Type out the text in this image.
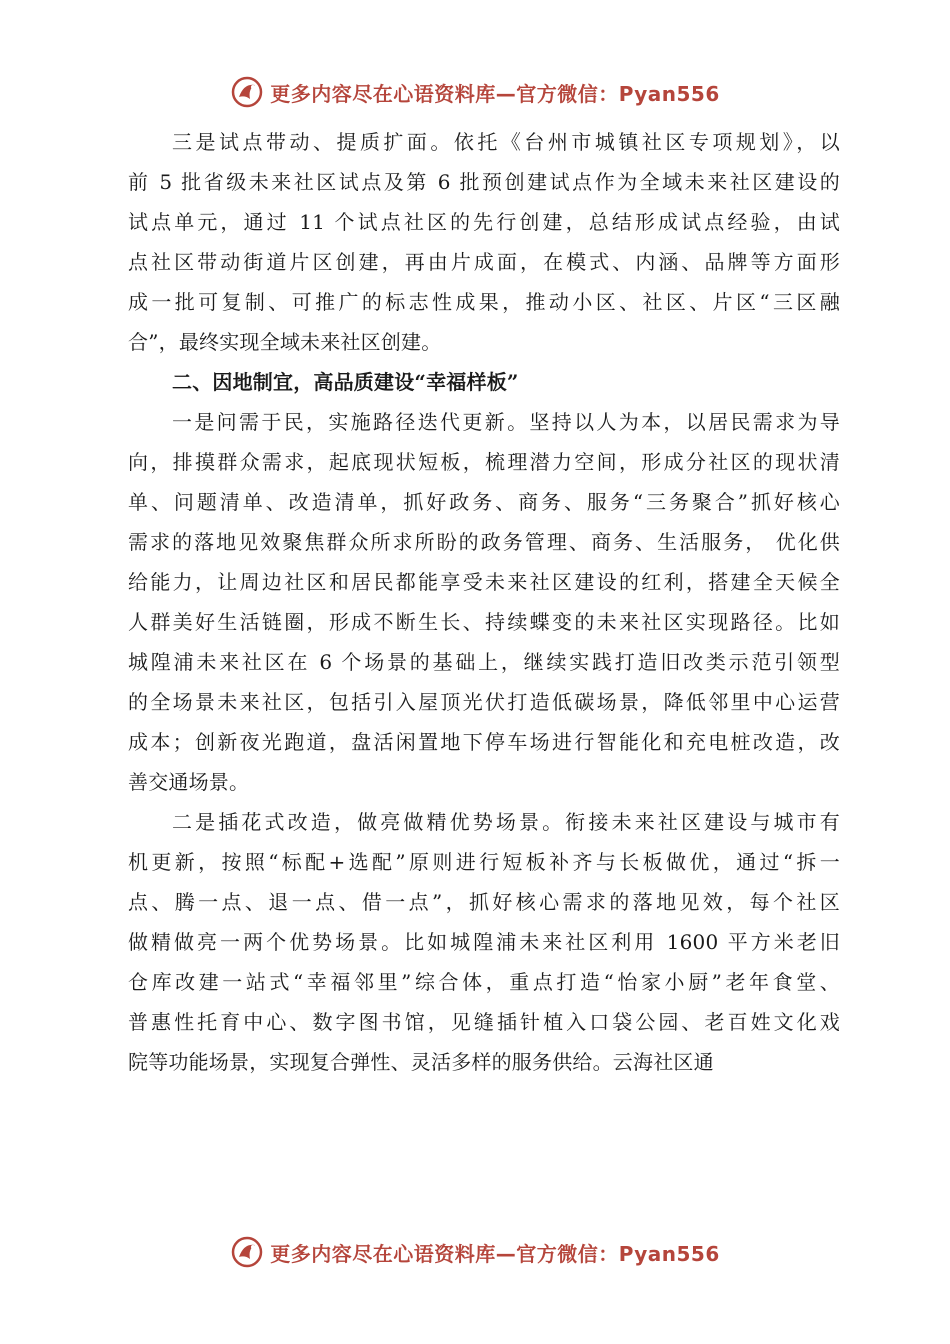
更多内容尽在心语资料库—官方微信：Pyan556
三是试点带动、提质扩面。依托《台州市城镇社区专项规划》，以
前 5 批省级未来社区试点及第 6 批预创建试点作为全域未来社区建设的
试点单元，通过 11 个试点社区的先行创建，总结形成试点经验，由试
点社区带动街道片区创建，再由片成面，在模式、内涵、品牌等方面形
成一批可复制、可推广的标志性成果，推动小区、社区、片区“三区融
合”，最终实现全域未来社区创建。
二、因地制宜，高品质建设“幸福样板”
一是问需于民，实施路径迭代更新。坚持以人为本，以居民需求为导
向，排摸群众需求，起底现状短板，梳理潜力空间，形成分社区的现状清
单、问题清单、改造清单，抓好政务、商务、服务“三务聚合”抓好核心
需求的落地见效聚焦群众所求所盼的政务管理、商务、生活服务， 优化供
给能力，让周边社区和居民都能享受未来社区建设的红利，搭建全天候全
人群美好生活链圈，形成不断生长、持续蝶变的未来社区实现路径。比如
城隍浦未来社区在 6 个场景的基础上，继续实践打造旧改类示范引领型
的全场景未来社区，包括引入屋顶光伏打造低碳场景，降低邻里中心运营
成本；创新夜光跑道，盘活闲置地下停车场进行智能化和充电桩改造，改
善交通场景。
二是插花式改造，做亮做精优势场景。衔接未来社区建设与城市有
机更新，按照“标配+选配”原则进行短板补齐与长板做优，通过“拆一
点、腾一点、退一点、借一点”，抓好核心需求的落地见效，每个社区
做精做亮一两个优势场景。比如城隍浦未来社区利用 1600 平方米老旧
仓库改建一站式“幸福邻里”综合体，重点打造“怡家小厨”老年食堂、
普惠性托育中心、数字图书馆，见缝插针植入口袋公园、老百姓文化戏
院等功能场景，实现复合弹性、灵活多样的服务供给。云海社区通
更多内容尽在心语资料库—官方微信：Pyan556
